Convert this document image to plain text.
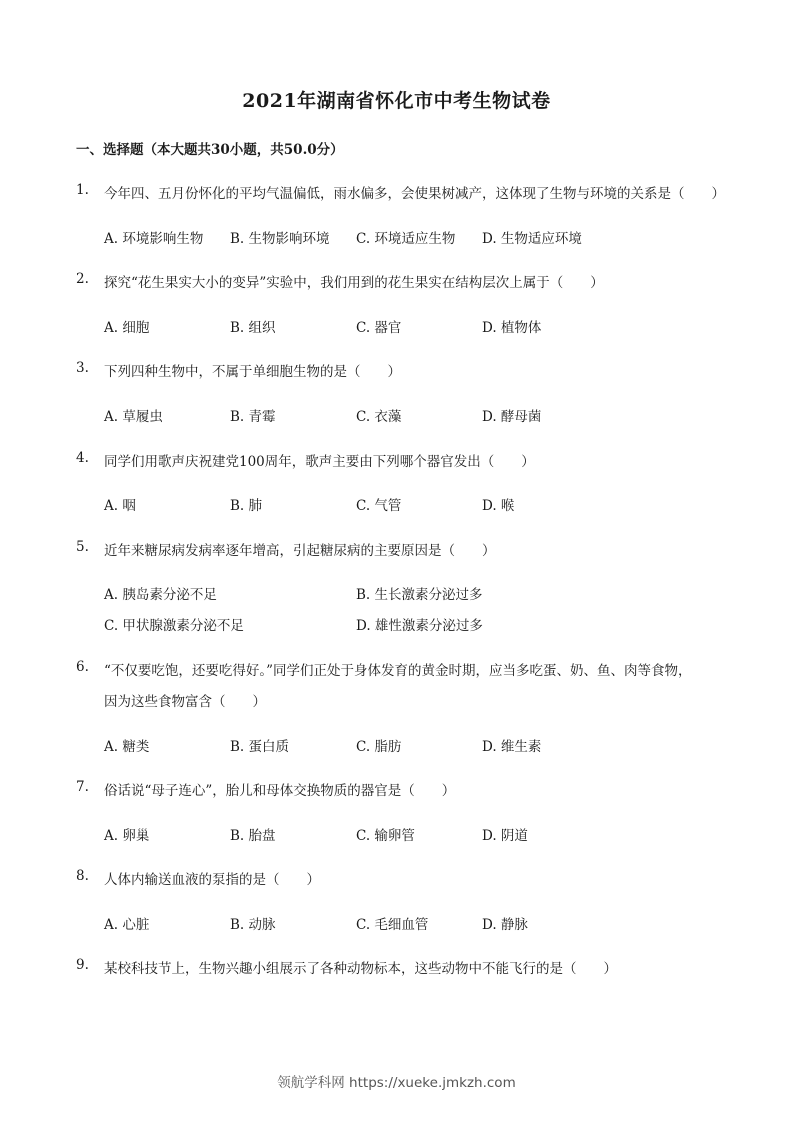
2021年湖南省怀化市中考生物试卷
一、选择题（本大题共30小题，共50.0分）
1. 今年四、五月份怀化的平均气温偏低，雨水偏多，会使果树减产，这体现了生物与环境的关系是（　　）
A. 环境影响生物 B. 生物影响环境 C. 环境适应生物 D. 生物适应环境
2. 探究“花生果实大小的变异”实验中，我们用到的花生果实在结构层次上属于（　　）
A. 细胞	B. 组织	C. 器官	D. 植物体
3. 下列四种生物中，不属于单细胞生物的是（　　）
A. 草履虫	B. 青霉	C. 衣藻	D. 酵母菌
4. 同学们用歌声庆祝建党100周年，歌声主要由下列哪个器官发出（　　）
A. 咽	B. 肺	C. 气管	D. 喉
5. 近年来糖尿病发病率逐年增高，引起糖尿病的主要原因是（　　）
A. 胰岛素分泌不足	B. 生长激素分泌过多
C. 甲状腺激素分泌不足	D. 雄性激素分泌过多
6. “不仅要吃饱，还要吃得好。”同学们正处于身体发育的黄金时期，应当多吃蛋、奶、鱼、肉等食物，
因为这些食物富含（　　）
A. 糖类	B. 蛋白质	C. 脂肪	D. 维生素
7. 俗话说“母子连心”，胎儿和母体交换物质的器官是（　　）
A. 卵巢	B. 胎盘	C. 输卵管	D. 阴道
8. 人体内输送血液的泵指的是（　　）
A. 心脏	B. 动脉	C. 毛细血管	D. 静脉
9. 某校科技节上，生物兴趣小组展示了各种动物标本，这些动物中不能飞行的是（　　）
领航学科网 https://xueke.jmkzh.com
